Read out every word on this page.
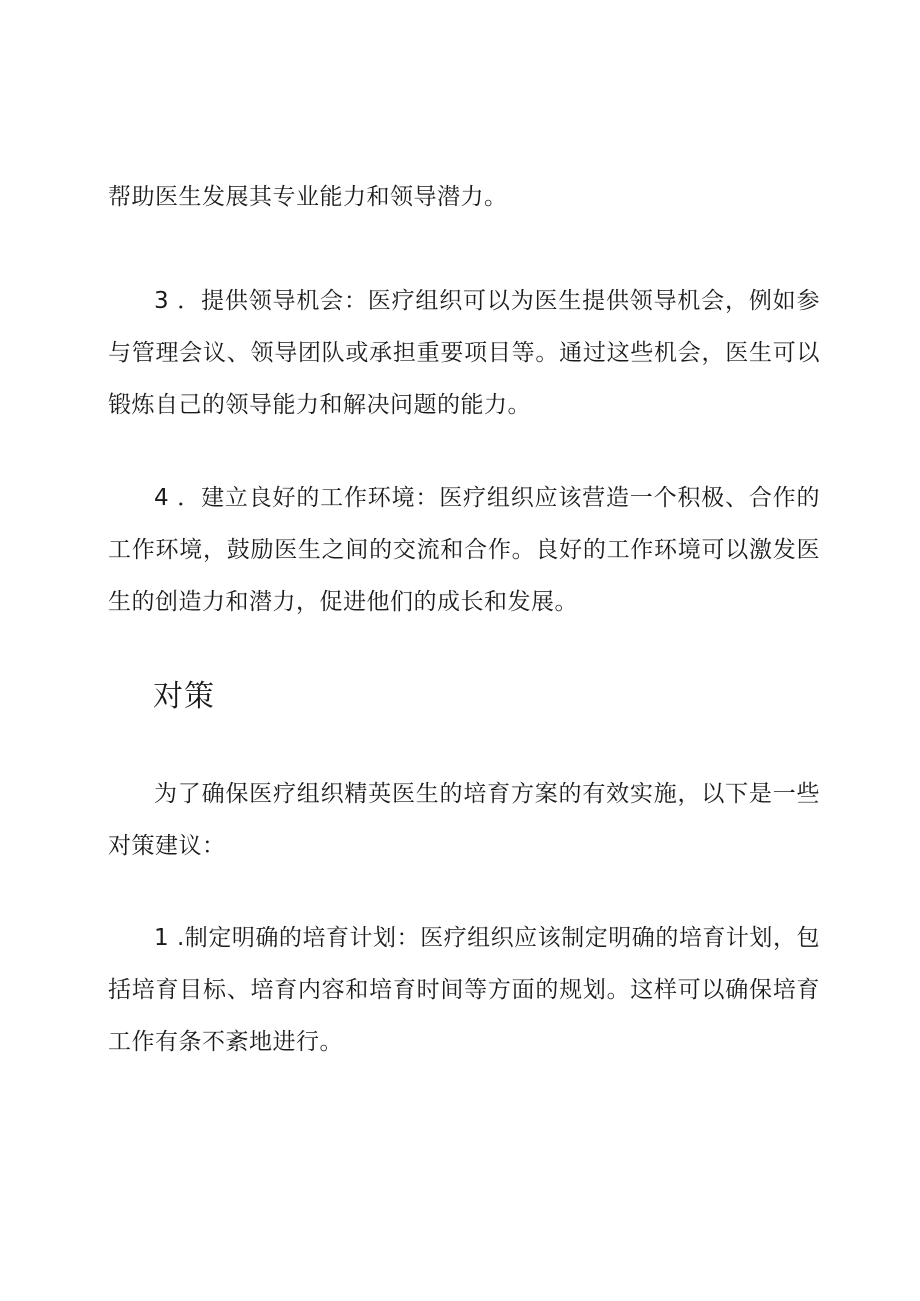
帮助医生发展其专业能力和领导潜力。

3 ．提供领导机会：医疗组织可以为医生提供领导机会，例如参与管理会议、领导团队或承担重要项目等。通过这些机会，医生可以锻炼自己的领导能力和解决问题的能力。

4 ．建立良好的工作环境：医疗组织应该营造一个积极、合作的工作环境，鼓励医生之间的交流和合作。良好的工作环境可以激发医生的创造力和潜力，促进他们的成长和发展。

对策

为了确保医疗组织精英医生的培育方案的有效实施，以下是一些对策建议：

1 .制定明确的培育计划：医疗组织应该制定明确的培育计划，包括培育目标、培育内容和培育时间等方面的规划。这样可以确保培育工作有条不紊地进行。
